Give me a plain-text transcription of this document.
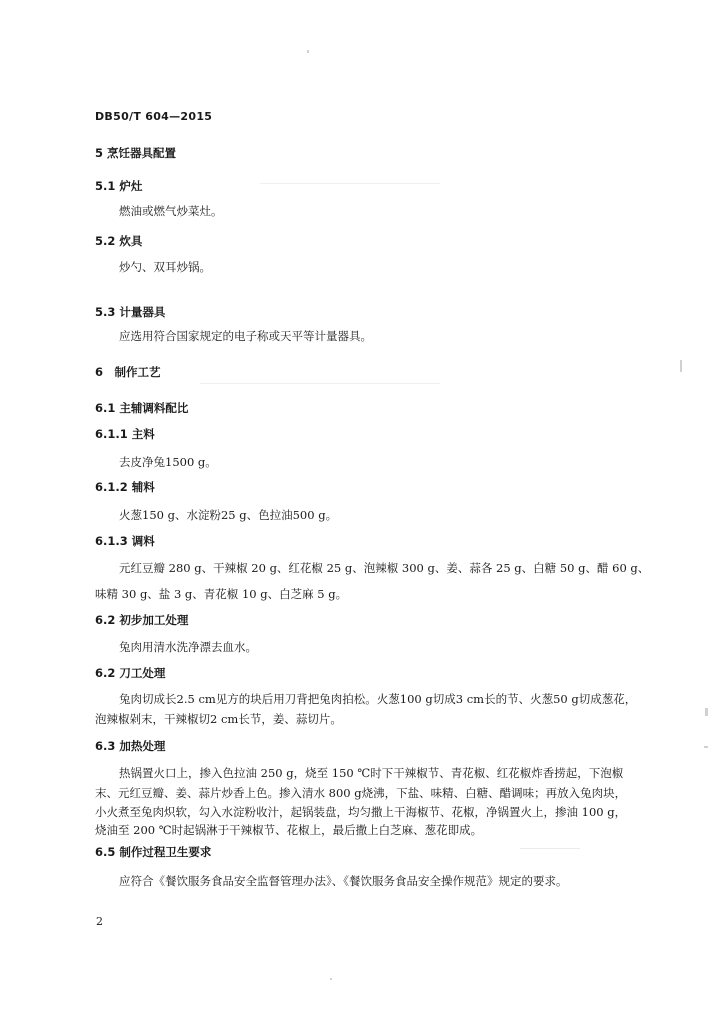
DB50/T 604—2015
5 烹饪器具配置
5.1 炉灶
燃油或燃气炒菜灶。
5.2 炊具
炒勺、双耳炒锅。
5.3 计量器具
应选用符合国家规定的电子称或天平等计量器具。
6　制作工艺
6.1 主辅调料配比
6.1.1 主料
去皮净兔1500 g。
6.1.2 辅料
火葱150 g、水淀粉25 g、色拉油500 g。
6.1.3 调料
元红豆瓣 280 g、干辣椒 20 g、红花椒 25 g、泡辣椒 300 g、姜、蒜各 25 g、白糖 50 g、醋 60 g、
味精 30 g、盐 3 g、青花椒 10 g、白芝麻 5 g。
6.2 初步加工处理
兔肉用清水洗净漂去血水。
6.2 刀工处理
兔肉切成长2.5 cm见方的块后用刀背把兔肉拍松。火葱100 g切成3 cm长的节、火葱50 g切成葱花，
泡辣椒剁末，干辣椒切2 cm长节，姜、蒜切片。
6.3 加热处理
热锅置火口上，掺入色拉油 250 g，烧至 150 ℃时下干辣椒节、青花椒、红花椒炸香捞起，下泡椒
末、元红豆瓣、姜、蒜片炒香上色。掺入清水 800 g烧沸，下盐、味精、白糖、醋调味；再放入兔肉块，
小火煮至兔肉炽软，勾入水淀粉收汁，起锅装盘，均匀撒上干海椒节、花椒，净锅置火上，掺油 100 g，
烧油至 200 ℃时起锅淋于干辣椒节、花椒上，最后撒上白芝麻、葱花即成。
6.5 制作过程卫生要求
应符合《餐饮服务食品安全监督管理办法》、《餐饮服务食品安全操作规范》规定的要求。
2
